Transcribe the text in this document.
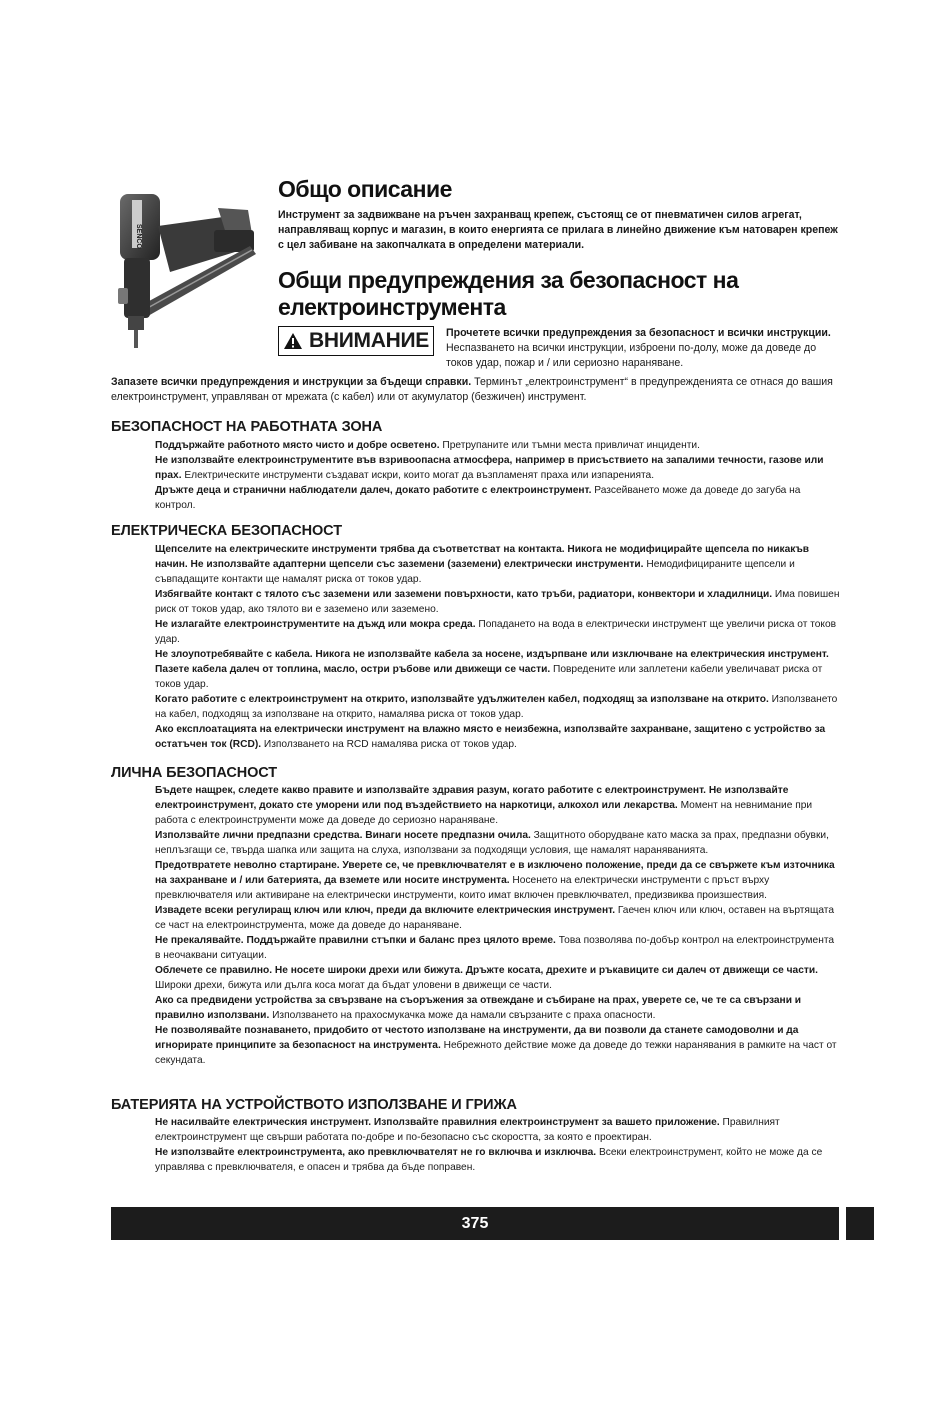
SENCO
Общо описание

Инструмент за задвижване на ръчен захранващ крепеж, състоящ се от пневматичен силов агрегат, направляващ корпус и магазин, в които енергията се прилага в линейно движение към натоварен крепеж с цел забиване на закопчалката в определени материали.

Общи предупреждения за безопасност на електроинструмента
ВНИМАНИЕ Прочетете всички предупреждения за безопасност и всички инструкции. Неспазването на всички инструкции, изброени по-долу, може да доведе до токов удар, пожар и / или сериозно нараняване.

Запазете всички предупреждения и инструкции за бъдещи справки. Терминът „електроинструмент“ в предупрежденията се отнася до вашия електроинструмент, управляван от мрежата (с кабел) или от акумулатор (безжичен) инструмент.

БЕЗОПАСНОСТ НА РАБОТНАТА ЗОНА

Поддържайте работното място чисто и добре осветено. Претрупаните или тъмни места привличат инциденти.

Не използвайте електроинструментите във взривоопасна атмосфера, например в присъствието на запалими течности, газове или прах. Електрическите инструменти създават искри, които могат да възпламенят праха или изпаренията.

Дръжте деца и странични наблюдатели далеч, докато работите с електроинструмент. Разсейването може да доведе до загуба на контрол.

ЕЛЕКТРИЧЕСКА БЕЗОПАСНОСТ

Щепселите на електрическите инструменти трябва да съответстват на контакта. Никога не модифицирайте щепсела по никакъв начин. Не използвайте адаптерни щепсели със заземени (заземени) електрически инструменти. Немодифицираните щепсели и съвпадащите контакти ще намалят риска от токов удар.

Избягвайте контакт с тялото със заземени или заземени повърхности, като тръби, радиатори, конвектори и хладилници. Има повишен риск от токов удар, ако тялото ви е заземено или заземено.

Не излагайте електроинструментите на дъжд или мокра среда. Попадането на вода в електрически инструмент ще увеличи риска от токов удар.

Не злоупотребявайте с кабела. Никога не използвайте кабела за носене, издърпване или изключване на електрическия инструмент. Пазете кабела далеч от топлина, масло, остри ръбове или движещи се части. Повредените или заплетени кабели увеличават риска от токов удар.

Когато работите с електроинструмент на открито, използвайте удължителен кабел, подходящ за използване на открито. Използването на кабел, подходящ за използване на открито, намалява риска от токов удар.

Ако експлоатацията на електрически инструмент на влажно място е неизбежна, използвайте захранване, защитено с устройство за остатъчен ток (RCD). Използването на RCD намалява риска от токов удар.

ЛИЧНА БЕЗОПАСНОСТ

Бъдете нащрек, следете какво правите и използвайте здравия разум, когато работите с електроинструмент. Не използвайте електроинструмент, докато сте уморени или под въздействието на наркотици, алкохол или лекарства. Момент на невнимание при работа с електроинструменти може да доведе до сериозно нараняване.

Използвайте лични предпазни средства. Винаги носете предпазни очила. Защитното оборудване като маска за прах, предпазни обувки, неплъзгащи се, твърда шапка или защита на слуха, използвани за подходящи условия, ще намалят нараняванията.

Предотвратете неволно стартиране. Уверете се, че превключвателят е в изключено положение, преди да се свържете към източника на захранване и / или батерията, да вземете или носите инструмента. Носенето на електрически инструменти с пръст върху превключвателя или активиране на електрически инструменти, които имат включен превключвател, предизвиква произшествия.

Извадете всеки регулиращ ключ или ключ, преди да включите електрическия инструмент. Гаечен ключ или ключ, оставен на въртящата се част на електроинструмента, може да доведе до нараняване.

Не прекалявайте. Поддържайте правилни стъпки и баланс през цялото време. Това позволява по-добър контрол на електроинструмента в неочаквани ситуации.

Облечете се правилно. Не носете широки дрехи или бижута. Дръжте косата, дрехите и ръкавиците си далеч от движещи се части. Широки дрехи, бижута или дълга коса могат да бъдат уловени в движещи се части.

Ако са предвидени устройства за свързване на съоръжения за отвеждане и събиране на прах, уверете се, че те са свързани и правилно използвани. Използването на прахосмукачка може да намали свързаните с праха опасности.

Не позволявайте познаването, придобито от честото използване на инструменти, да ви позволи да станете самодоволни и да игнорирате принципите за безопасност на инструмента. Небрежното действие може да доведе до тежки наранявания в рамките на част от секундата.

БАТЕРИЯТА НА УСТРОЙСТВОТО ИЗПОЛЗВАНЕ И ГРИЖА

Не насилвайте електрическия инструмент. Използвайте правилния електроинструмент за вашето приложение. Правилният електроинструмент ще свърши работата по-добре и по-безопасно със скоростта, за която е проектиран.

Не използвайте електроинструмента, ако превключвателят не го включва и изключва. Всеки електроинструмент, който не може да се управлява с превключвателя, е опасен и трябва да бъде поправен.

375
